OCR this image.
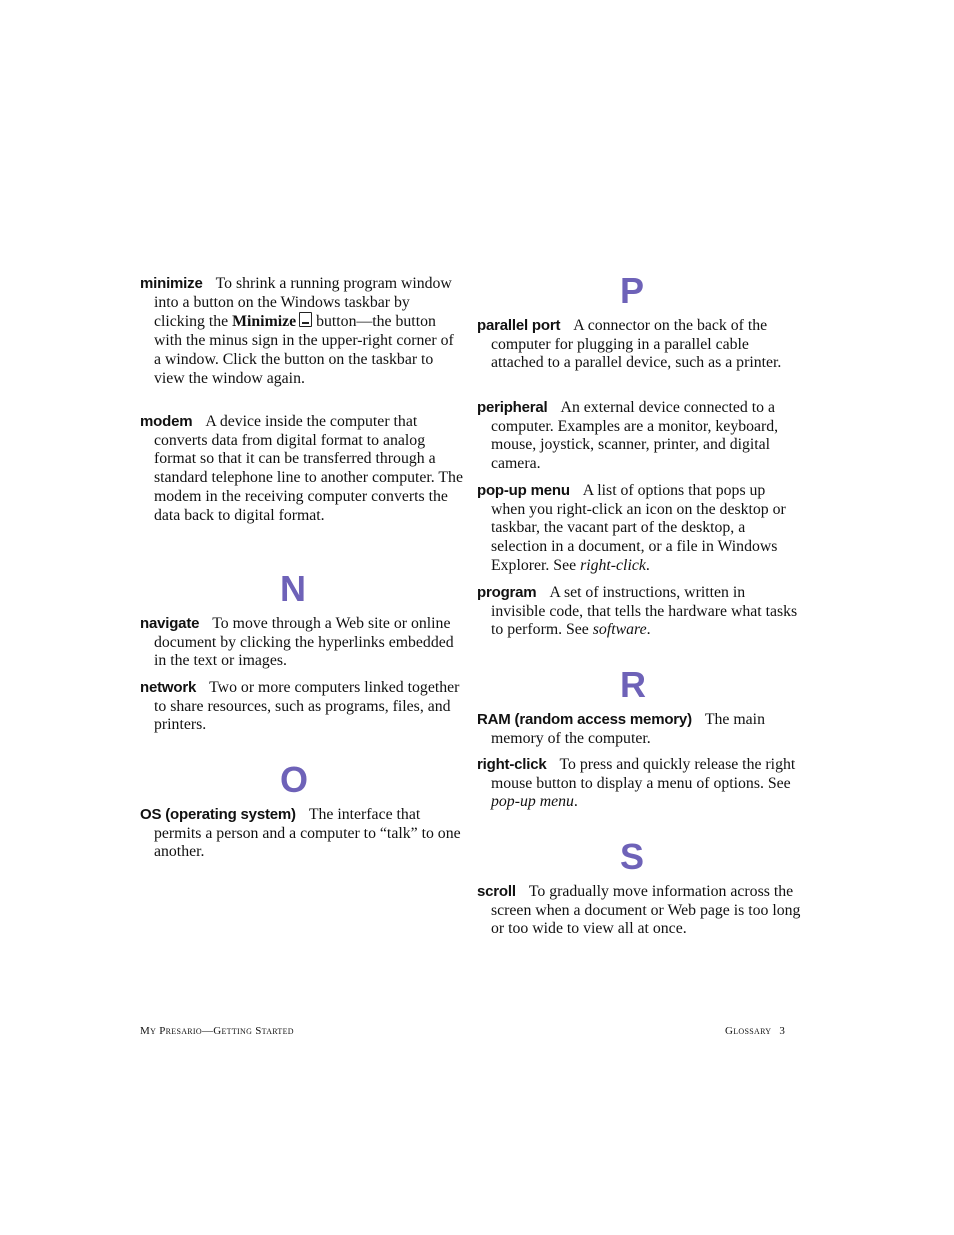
minimize To shrink a running program window into a button on the Windows taskbar by clicking the Minimize button—the button with the minus sign in the upper-right corner of a window. Click the button on the taskbar to view the window again.

modem A device inside the computer that converts data from digital format to analog format so that it can be transferred through a standard telephone line to another computer. The modem in the receiving computer converts the data back to digital format.

N

navigate To move through a Web site or online document by clicking the hyperlinks embedded in the text or images.

network Two or more computers linked together to share resources, such as programs, files, and printers.

O

OS (operating system) The interface that permits a person and a computer to “talk” to one another.

P

parallel port A connector on the back of the computer for plugging in a parallel cable attached to a parallel device, such as a printer.

peripheral An external device connected to a computer. Examples are a monitor, keyboard, mouse, joystick, scanner, printer, and digital camera.

pop-up menu A list of options that pops up when you right-click an icon on the desktop or taskbar, the vacant part of the desktop, a selection in a document, or a file in Windows Explorer. See right-click.

program A set of instructions, written in invisible code, that tells the hardware what tasks to perform. See software.

R

RAM (random access memory) The main memory of the computer.

right-click To press and quickly release the right mouse button to display a menu of options. See pop-up menu.

S

scroll To gradually move information across the screen when a document or Web page is too long or too wide to view all at once.

My Presario—Getting Started	Glossary 3
